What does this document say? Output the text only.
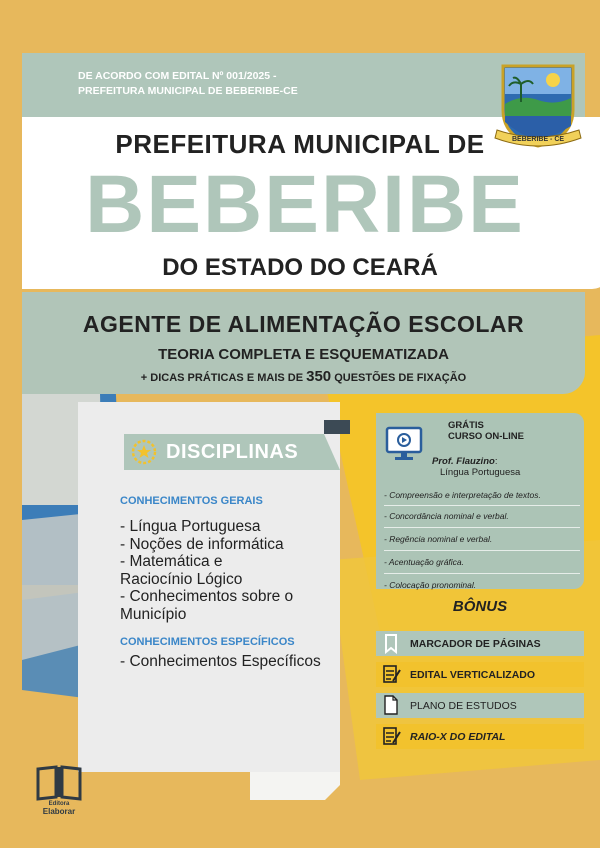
DE ACORDO COM EDITAL Nº 001/2025 -
PREFEITURA MUNICIPAL DE BEBERIBE-CE
PREFEITURA MUNICIPAL DE
BEBERIBE
DO ESTADO DO CEARÁ
BEBERIBE - CE
AGENTE DE ALIMENTAÇÃO ESCOLAR
TEORIA COMPLETA E ESQUEMATIZADA
+ DICAS PRÁTICAS E MAIS DE 350 QUESTÕES DE FIXAÇÃO
DISCIPLINAS
CONHECIMENTOS GERAIS
- Língua Portuguesa
- Noções de informática
- Matemática e
Raciocínio Lógico
- Conhecimentos sobre o
Município
CONHECIMENTOS ESPECÍFICOS
- Conhecimentos Específicos
GRÁTIS
CURSO ON-LINE
Prof. Flauzino:
Língua Portuguesa
- Compreensão e interpretação de textos.
- Concordância nominal e verbal.
- Regência nominal e verbal.
- Acentuação gráfica.
- Colocação pronominal.
BÔNUS
MARCADOR DE PÁGINAS
EDITAL VERTICALIZADO
PLANO DE ESTUDOS
RAIO-X DO EDITAL
Editora
Elaborar
